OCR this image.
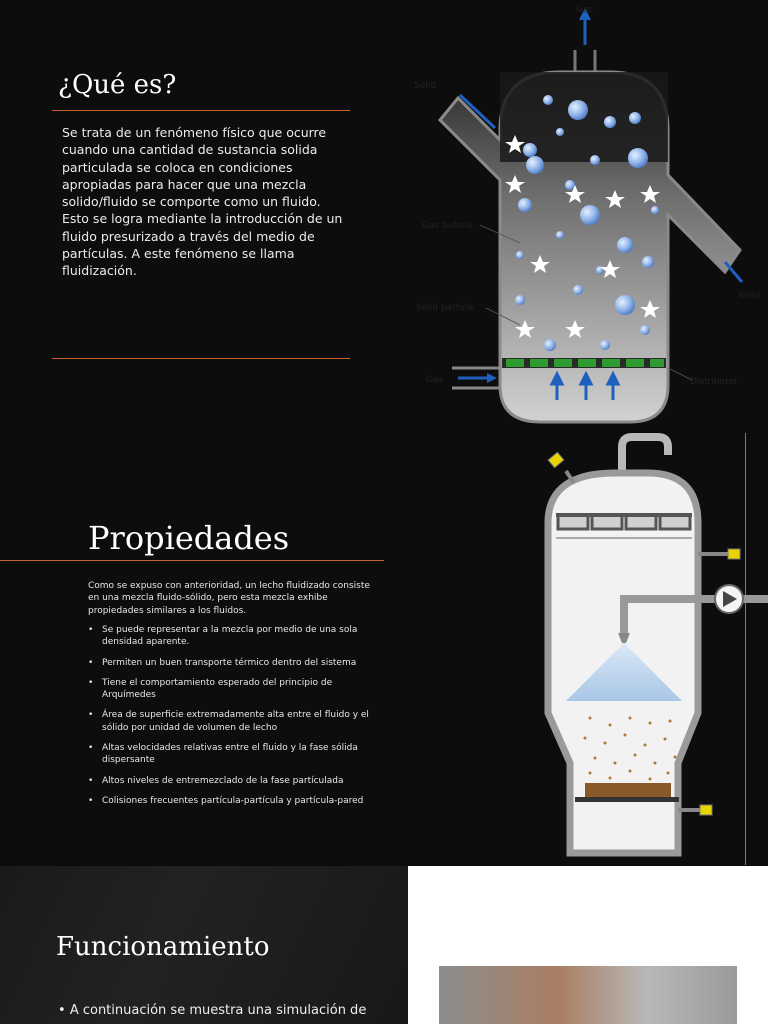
¿Qué es?

Se trata de un fenómeno físico que ocurre cuando una cantidad de sustancia solida particulada se coloca en condiciones apropiadas para hacer que una mezcla solido/fluido se comporte como un fluido. Esto se logra mediante la introducción de un fluido presurizado a través del medio de partículas. A este fenómeno se llama fluidización.

Gas
Solid
Solid
Gas bubble
Solid particle
Distributor
Gas
Propiedades

Como se expuso con anterioridad, un lecho fluidizado consiste en una mezcla fluido-sólido, pero esta mezcla exhibe propiedades similares a los fluidos.

• Se puede representar a la mezcla por medio de una sola densidad aparente.
• Permiten un buen transporte térmico dentro del sistema
• Tiene el comportamiento esperado del principio de Arquímedes
• Área de superficie extremadamente alta entre el fluido y el sólido por unidad de volumen de lecho
• Altas velocidades relativas entre el fluido y la fase sólida dispersante
• Altos niveles de entremezclado de la fase partículada
• Colisiones frecuentes partícula-partícula y partícula-pared
Funcionamiento

• A continuación se muestra una simulación de
